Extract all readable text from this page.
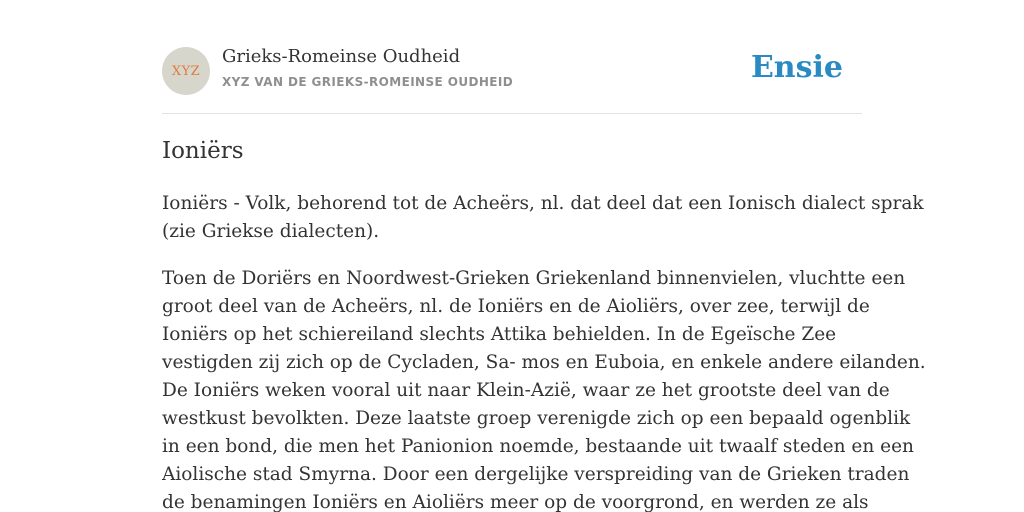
XYZ
Grieks-Romeinse Oudheid
XYZ VAN DE GRIEKS-ROMEINSE OUDHEID	Ensie
Ioniërs

Ioniërs - Volk, behorend tot de Acheërs, nl. dat deel dat een Ionisch dialect sprak
(zie Griekse dialecten).

Toen de Doriërs en Noordwest-Grieken Griekenland binnenvielen, vluchtte een
groot deel van de Acheërs, nl. de Ioniërs en de Aioliërs, over zee, terwijl de
Ioniërs op het schiereiland slechts Attika behielden. In de Egeïsche Zee
vestigden zij zich op de Cycladen, Sa- mos en Euboia, en enkele andere eilanden.
De Ioniërs weken vooral uit naar Klein-Azië, waar ze het grootste deel van de
westkust bevolkten. Deze laatste groep verenigde zich op een bepaald ogenblik
in een bond, die men het Panionion noemde, bestaande uit twaalf steden en een
Aiolische stad Smyrna. Door een dergelijke verspreiding van de Grieken traden
de benamingen Ioniërs en Aioliërs meer op de voorgrond, en werden ze als
